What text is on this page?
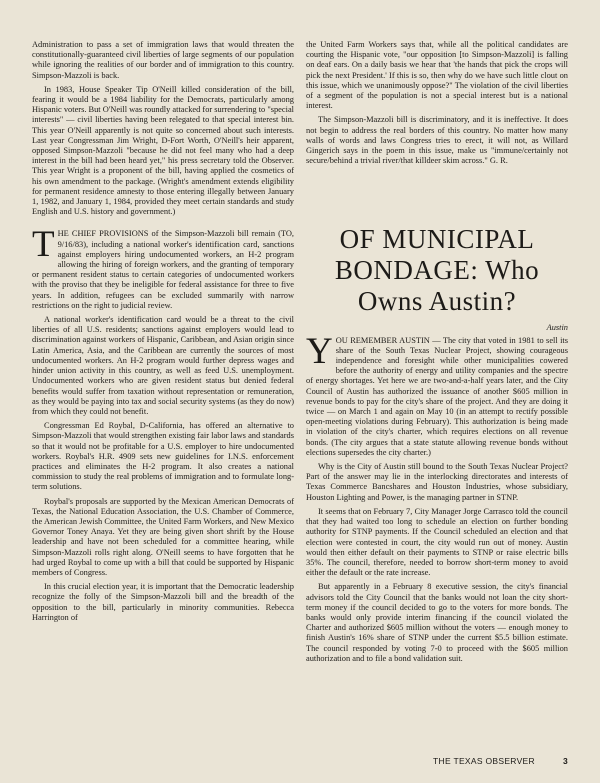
Administration to pass a set of immigration laws that would threaten the constitutionally-guaranteed civil liberties of large segments of our population while ignoring the realities of our border and of immigration to this country. Simpson-Mazzoli is back.

In 1983, House Speaker Tip O'Neill killed consideration of the bill, fearing it would be a 1984 liability for the Democrats, particularly among Hispanic voters. But O'Neill was roundly attacked for surrendering to "special interests" — civil liberties having been relegated to that special interest bin. This year O'Neill apparently is not quite so concerned about such interests. Last year Congressman Jim Wright, D-Fort Worth, O'Neill's heir apparent, opposed Simpson-Mazzoli "because he did not feel many who had a deep interest in the bill had been heard yet," his press secretary told the Observer. This year Wright is a proponent of the bill, having applied the cosmetics of his own amendment to the package. (Wright's amendment extends eligibility for permanent residence amnesty to those entering illegally between January 1, 1982, and January 1, 1984, provided they meet certain standards and study English and U.S. history and government.)

THE CHIEF PROVISIONS of the Simpson-Mazzoli bill remain (TO, 9/16/83), including a national worker's identification card, sanctions against employers hiring undocumented workers, an H-2 program allowing the hiring of foreign workers, and the granting of temporary or permanent resident status to certain categories of undocumented workers with the proviso that they be ineligible for federal assistance for three to five years. In addition, refugees can be excluded summarily with narrow restrictions on the right to judicial review.

A national worker's identification card would be a threat to the civil liberties of all U.S. residents; sanctions against employers would lead to discrimination against workers of Hispanic, Caribbean, and Asian origin since Latin America, Asia, and the Caribbean are currently the sources of most undocumented workers. An H-2 program would further depress wages and hinder union activity in this country, as well as feed U.S. unemployment. Undocumented workers who are given resident status but denied federal benefits would suffer from taxation without representation or remuneration, as they would be paying into tax and social security systems (as they do now) from which they could not benefit.

Congressman Ed Roybal, D-California, has offered an alternative to Simpson-Mazzoli that would strengthen existing fair labor laws and standards so that it would not be profitable for a U.S. employer to hire undocumented workers. Roybal's H.R. 4909 sets new guidelines for I.N.S. enforcement practices and eliminates the H-2 program. It also creates a national commission to study the real problems of immigration and to formulate long-term solutions.

Roybal's proposals are supported by the Mexican American Democrats of Texas, the National Education Association, the U.S. Chamber of Commerce, the American Jewish Committee, the United Farm Workers, and New Mexico Governor Toney Anaya. Yet they are being given short shrift by the House leadership and have not been scheduled for a committee hearing, while Simpson-Mazzoli rolls right along. O'Neill seems to have forgotten that he had urged Roybal to come up with a bill that could be supported by Hispanic members of Congress.

In this crucial election year, it is important that the Democratic leadership recognize the folly of the Simpson-Mazzoli bill and the breadth of the opposition to the bill, particularly in minority communities. Rebecca Harrington of

the United Farm Workers says that, while all the political candidates are courting the Hispanic vote, "our opposition [to Simpson-Mazzoli] is falling on deaf ears. On a daily basis we hear that 'the hands that pick the crops will pick the next President.' If this is so, then why do we have such little clout on this issue, which we unanimously oppose?" The violation of the civil liberties of a segment of the population is not a special interest but is a national interest.

The Simpson-Mazzoli bill is discriminatory, and it is ineffective. It does not begin to address the real borders of this country. No matter how many walls of words and laws Congress tries to erect, it will not, as Willard Gingerich says in the poem in this issue, make us "immune/certainly not secure/behind a trivial river/that killdeer skim across." G. R.

OF MUNICIPAL BONDAGE: Who Owns Austin?
Austin

YOU REMEMBER AUSTIN — The city that voted in 1981 to sell its share of the South Texas Nuclear Project, showing courageous independence and foresight while other municipalities cowered before the authority of energy and utility companies and the spectre of energy shortages. Yet here we are two-and-a-half years later, and the City Council of Austin has authorized the issuance of another $605 million in revenue bonds to pay for the city's share of the project. And they are doing it twice — on March 1 and again on May 10 (in an attempt to rectify possible open-meeting violations during February). This authorization is being made in violation of the city's charter, which requires elections on all revenue bonds. (The city argues that a state statute allowing revenue bonds without elections supersedes the city charter.)

Why is the City of Austin still bound to the South Texas Nuclear Project? Part of the answer may lie in the interlocking directorates and interests of Texas Commerce Bancshares and Houston Industries, whose subsidiary, Houston Lighting and Power, is the managing partner in STNP.

It seems that on February 7, City Manager Jorge Carrasco told the council that they had waited too long to schedule an election on further bonding authority for STNP payments. If the Council scheduled an election and that election were contested in court, the city would run out of money. Austin would then either default on their payments to STNP or raise electric bills 35%. The council, therefore, needed to borrow short-term money to avoid either the default or the rate increase.

But apparently in a February 8 executive session, the city's financial advisors told the City Council that the banks would not loan the city short-term money if the council decided to go to the voters for more bonds. The banks would only provide interim financing if the council violated the Charter and authorized $605 million without the voters — enough money to finish Austin's 16% share of STNP under the current $5.5 billion estimate. The council responded by voting 7-0 to proceed with the $605 million authorization and to file a bond validation suit.

THE TEXAS OBSERVER	3
